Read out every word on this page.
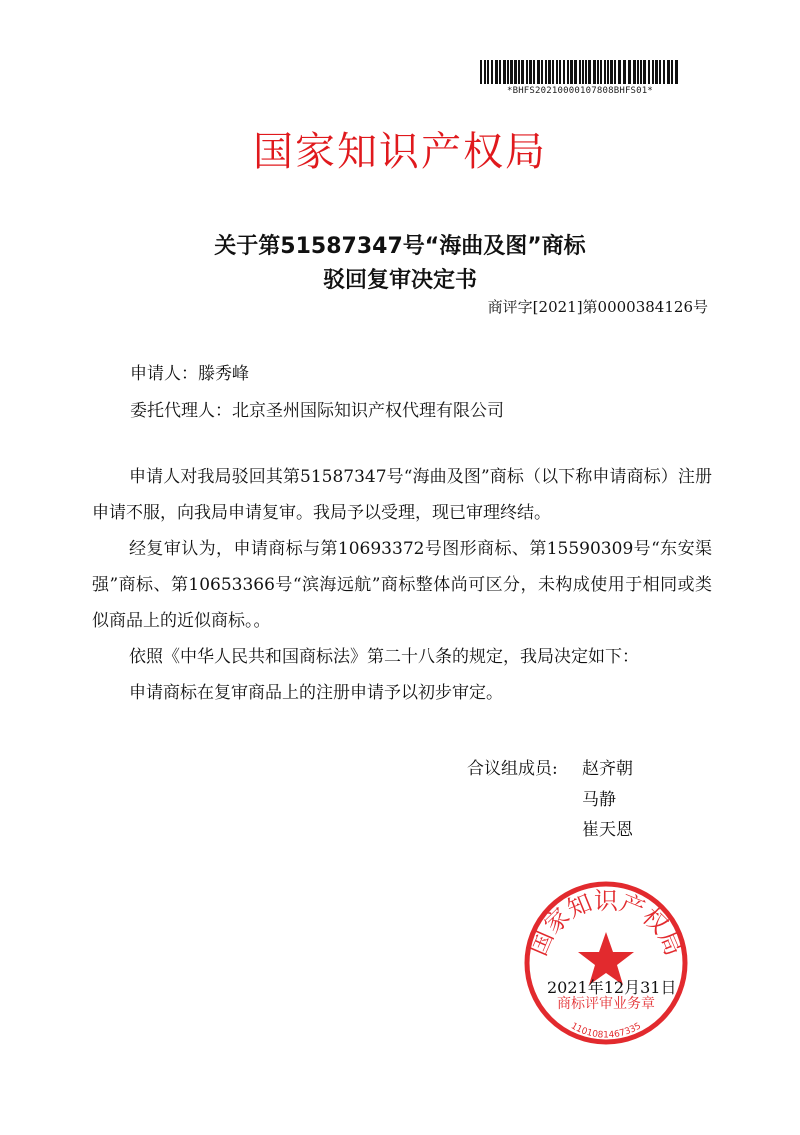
*BHFS20210000107808BHFS01*
国家知识产权局
关于第51587347号“海曲及图”商标
驳回复审决定书
商评字[2021]第0000384126号
申请人：滕秀峰
委托代理人：北京圣州国际知识产权代理有限公司

申请人对我局驳回其第51587347号“海曲及图”商标（以下称申请商标）注册申请不服，向我局申请复审。我局予以受理，现已审理终结。

经复审认为，申请商标与第10693372号图形商标、第15590309号“东安渠强”商标、第10653366号“滨海远航”商标整体尚可区分，未构成使用于相同或类似商品上的近似商标。。

依照《中华人民共和国商标法》第二十八条的规定，我局决定如下：

申请商标在复审商品上的注册申请予以初步审定。

合议组成员: 赵齐朝
马静
崔天恩
国家知识产权局
商标评审业务章
1101081467335
2021年12月31日
